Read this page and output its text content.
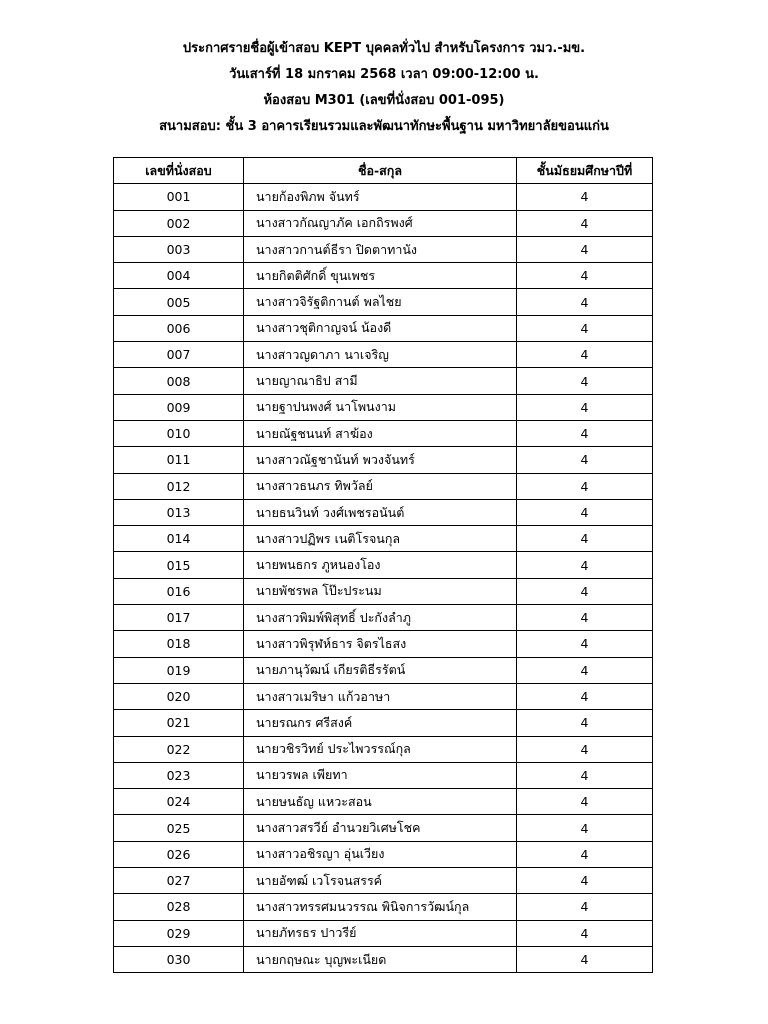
ประกาศรายชื่อผู้เข้าสอบ KEPT บุคคลทั่วไป สำหรับโครงการ วมว.-มข.
วันเสาร์ที่ 18 มกราคม 2568 เวลา 09:00-12:00 น.
ห้องสอบ M301 (เลขที่นั่งสอบ 001-095)
สนามสอบ: ชั้น 3 อาคารเรียนรวมและพัฒนาทักษะพื้นฐาน มหาวิทยาลัยขอนแก่น
เลขที่นั่งสอบ	ชื่อ-สกุล	ชั้นมัธยมศึกษาปีที่
001	นายก้องพิภพ จันทร์	4
002	นางสาวกัณญาภัค เอกถิรพงศ์	4
003	นางสาวกานต์ธีรา ปิดตาทานัง	4
004	นายกิตติศักดิ์ ขุนเพชร	4
005	นางสาวจิรัฐติกานต์ พลไชย	4
006	นางสาวชุติกาญจน์ น้องดี	4
007	นางสาวญดาภา นาเจริญ	4
008	นายญาณาธิป สามี	4
009	นายฐาปนพงศ์ นาโพนงาม	4
010	นายณัฐชนนท์ สาฆ้อง	4
011	นางสาวณัฐชานันท์ พวงจันทร์	4
012	นางสาวธนภร ทิพวัลย์	4
013	นายธนวินท์ วงศ์เพชรอนันต์	4
014	นางสาวปฏิพร เนติโรจนกุล	4
015	นายพนธกร ภูหนองโอง	4
016	นายพัชรพล โป๊ะประนม	4
017	นางสาวพิมพ์พิสุทธิ์ ปะกังลำภู	4
018	นางสาวพิรุฬห์ธาร จิตรไธสง	4
019	นายภานุวัฒน์ เกียรติธีรรัตน์	4
020	นางสาวเมริษา แก้วอาษา	4
021	นายรณกร ศรีสงค์	4
022	นายวชิรวิทย์ ประไพวรรณ์กุล	4
023	นายวรพล เพียทา	4
024	นายษนธัญ แหวะสอน	4
025	นางสาวสรวีย์ อำนวยวิเศษโชค	4
026	นางสาวอชิรญา อุ่นเวียง	4
027	นายอัฑฒ์ เวโรจนสรรค์	4
028	นางสาวทรรศมนวรรณ พินิจการวัฒน์กุล	4
029	นายภัทรธร ปาวรีย์	4
030	นายกฤษณะ บุญพะเนียด	4
